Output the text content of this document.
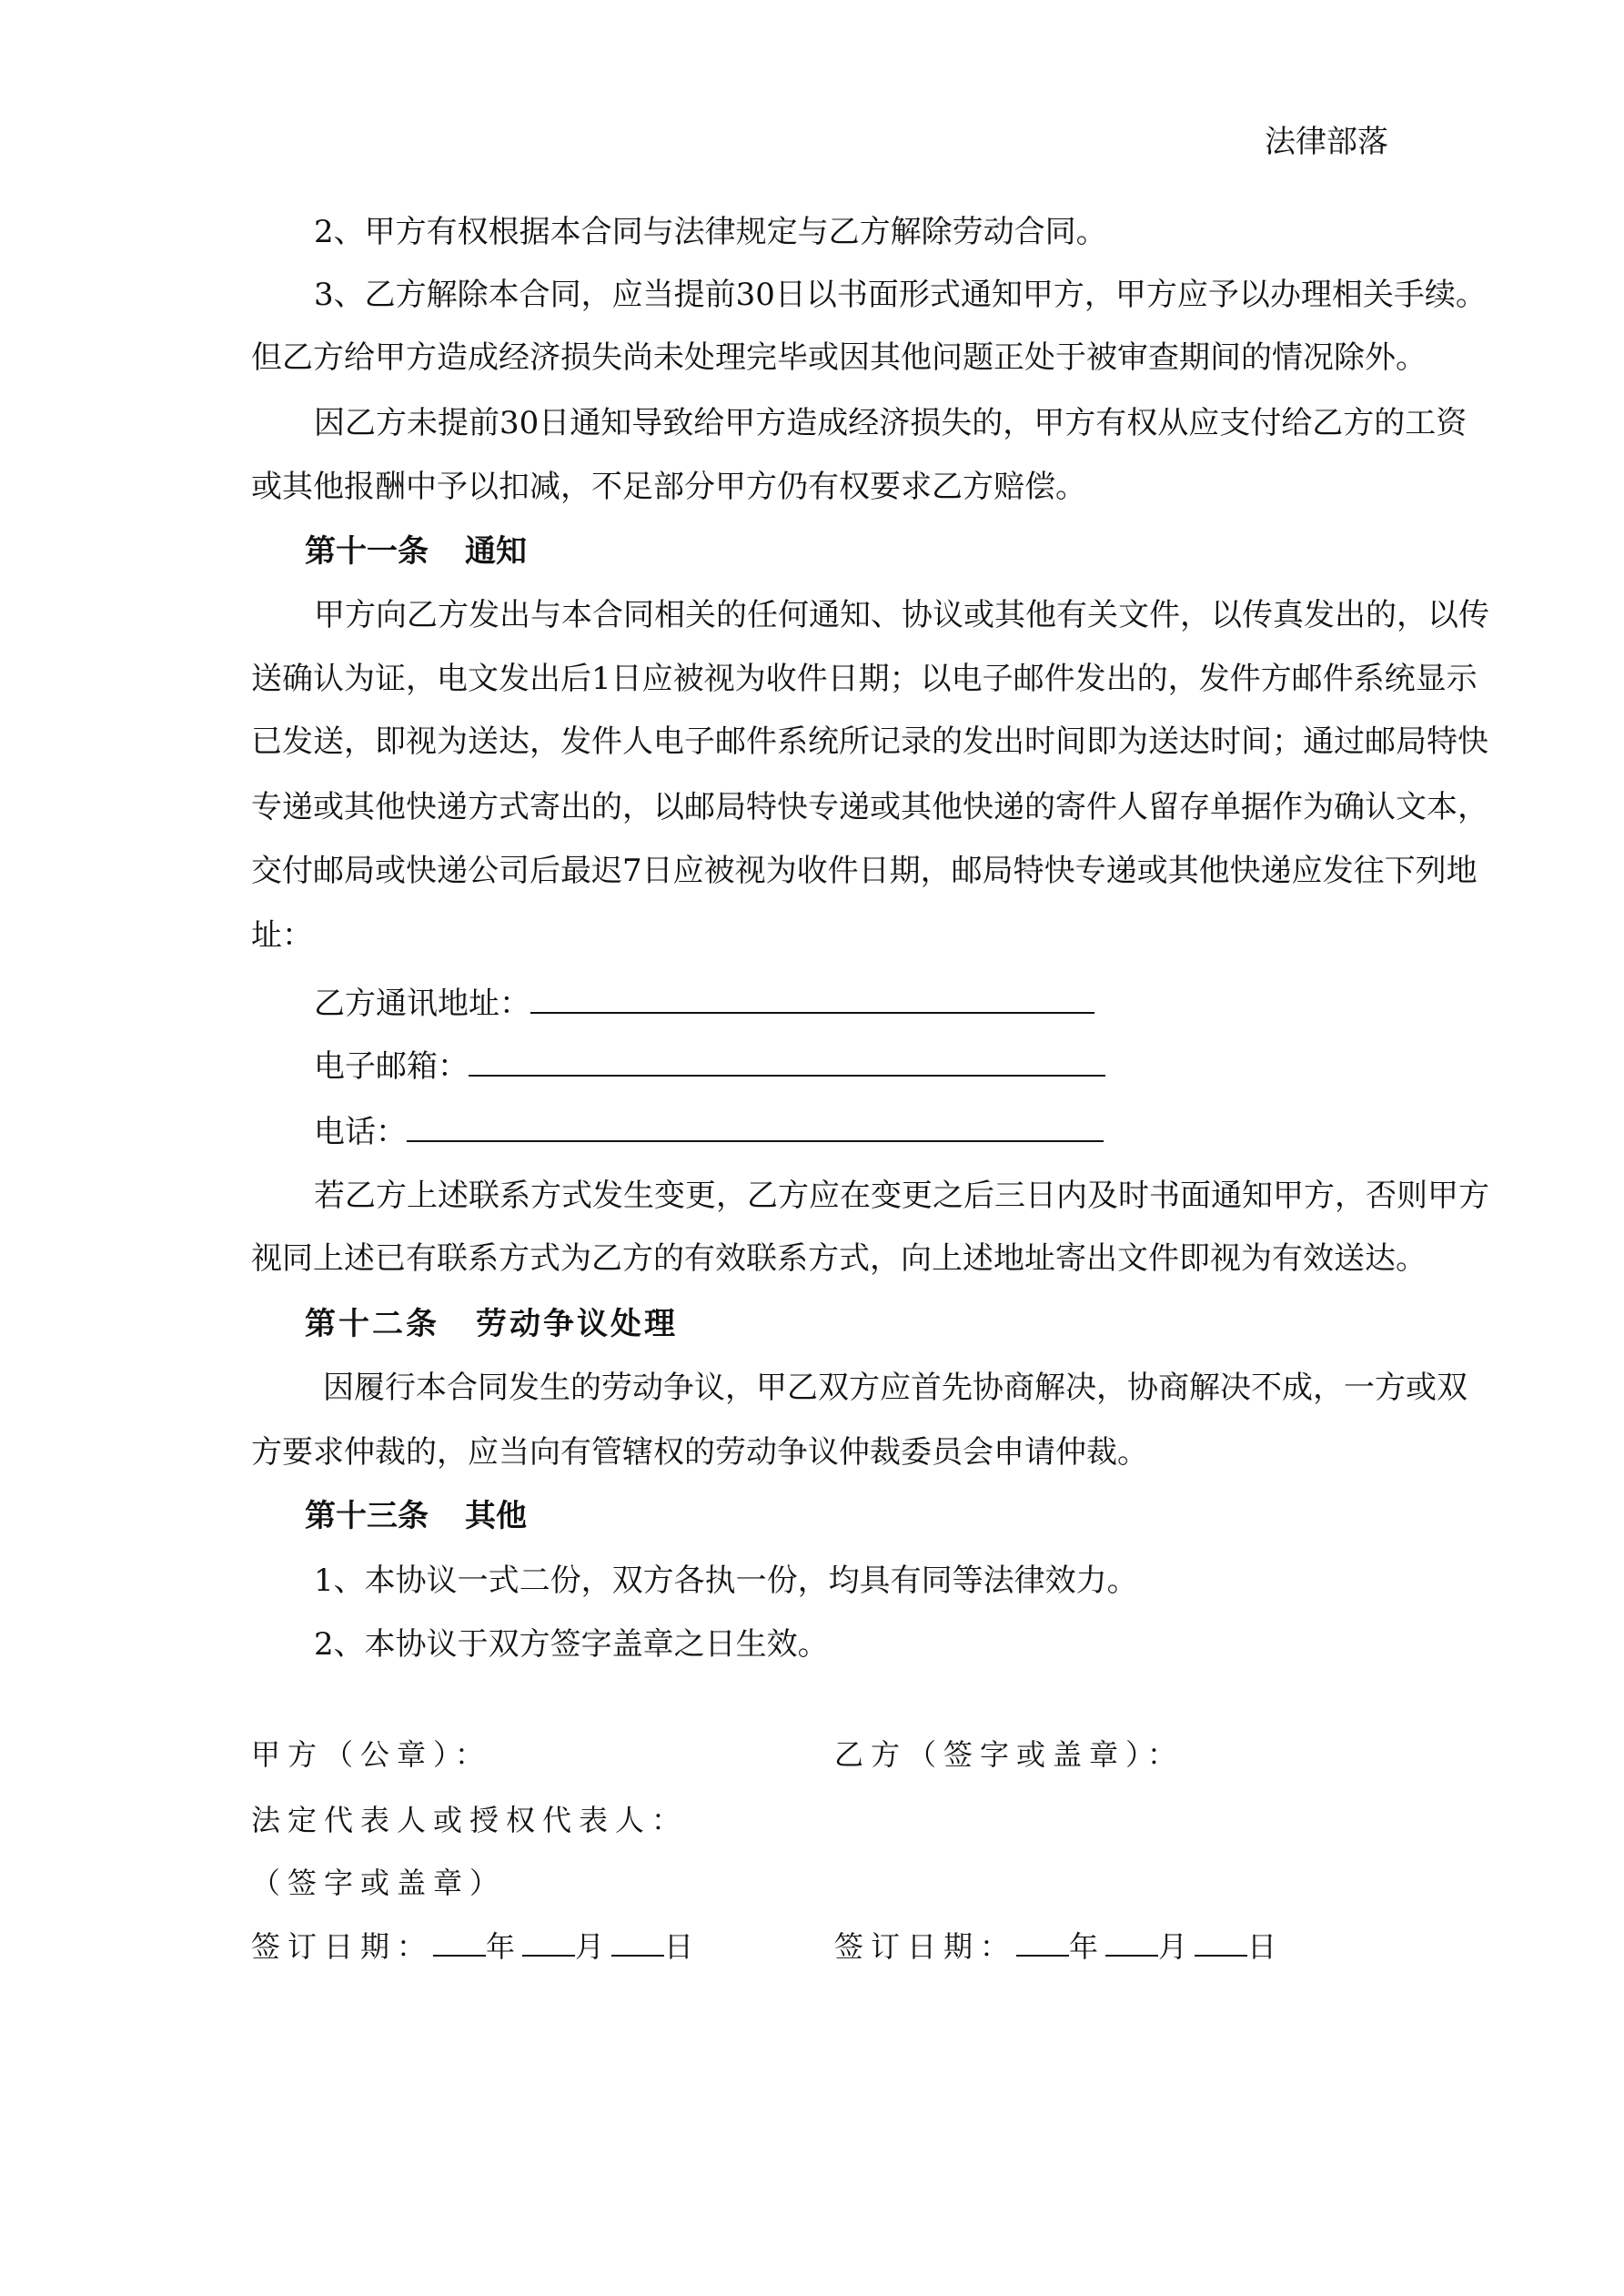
法律部落
2、甲方有权根据本合同与法律规定与乙方解除劳动合同。
3、乙方解除本合同，应当提前30日以书面形式通知甲方，甲方应予以办理相关手续。
但乙方给甲方造成经济损失尚未处理完毕或因其他问题正处于被审查期间的情况除外。
因乙方未提前30日通知导致给甲方造成经济损失的，甲方有权从应支付给乙方的工资
或其他报酬中予以扣减，不足部分甲方仍有权要求乙方赔偿。
第十一条 通知
甲方向乙方发出与本合同相关的任何通知、协议或其他有关文件，以传真发出的，以传
送确认为证，电文发出后1日应被视为收件日期；以电子邮件发出的，发件方邮件系统显示
已发送，即视为送达，发件人电子邮件系统所记录的发出时间即为送达时间；通过邮局特快
专递或其他快递方式寄出的，以邮局特快专递或其他快递的寄件人留存单据作为确认文本，
交付邮局或快递公司后最迟7日应被视为收件日期，邮局特快专递或其他快递应发往下列地
址：
乙方通讯地址：
电子邮箱：
电话：
若乙方上述联系方式发生变更，乙方应在变更之后三日内及时书面通知甲方，否则甲方
视同上述已有联系方式为乙方的有效联系方式，向上述地址寄出文件即视为有效送达。
第十二条 劳动争议处理
因履行本合同发生的劳动争议，甲乙双方应首先协商解决，协商解决不成，一方或双
方要求仲裁的，应当向有管辖权的劳动争议仲裁委员会申请仲裁。
第十三条 其他
1、本协议一式二份，双方各执一份，均具有同等法律效力。
2、本协议于双方签字盖章之日生效。
甲方（公章）：	乙方（签字或盖章）：
法定代表人或授权代表人：
（签字或盖章）
签订日期： 年 月 日	签订日期： 年 月 日
